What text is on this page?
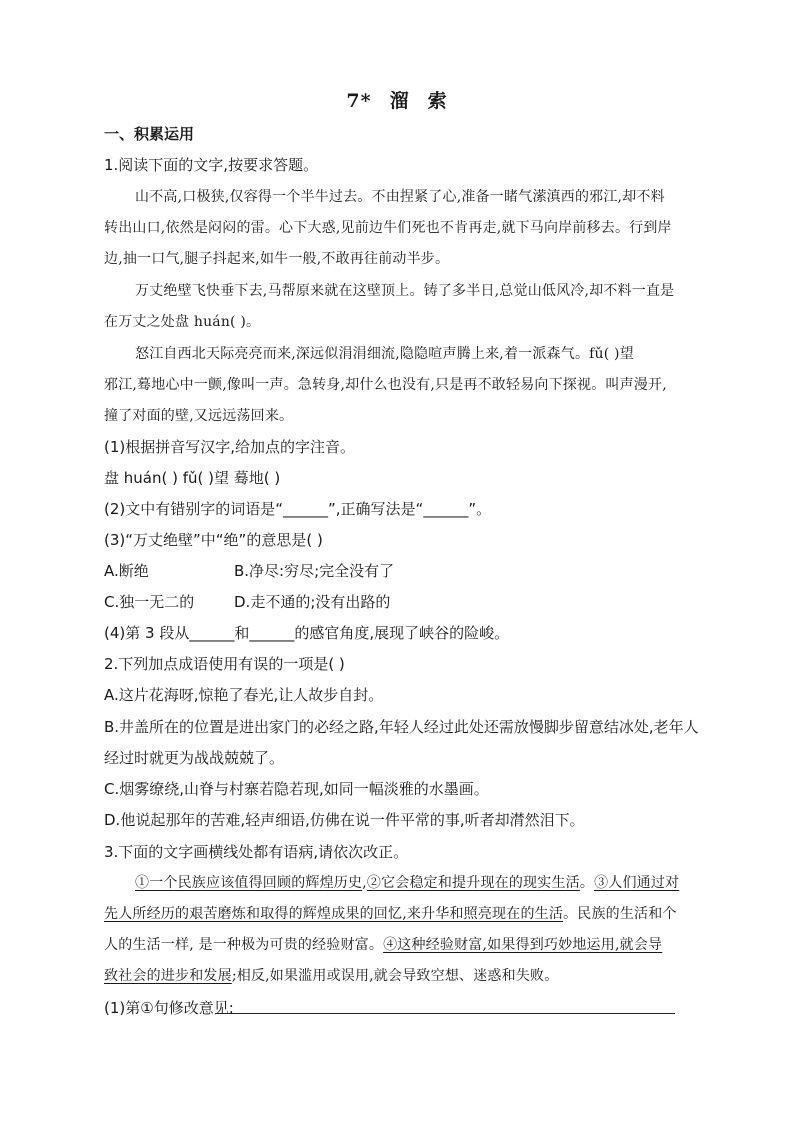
7* 溜 索
一、积累运用
1.阅读下面的文字,按要求答题。
山不高,口极狭,仅容得一个半牛过去。不由捏紧了心,准备一睹气潆滇西的邪江,却不料
转出山口,依然是闷闷的雷。心下大惑,见前边牛们死也不肯再走,就下马向岸前移去。行到岸
边,抽一口气,腿子抖起来,如牛一般,不敢再往前动半步。
万丈绝壁飞快垂下去,马帮原来就在这壁顶上。铸了多半日,总觉山低风冷,却不料一直是
在万丈之处盘 huán( )。
怒江自西北天际亮亮而来,深远似涓涓细流,隐隐喧声腾上来,着一派森气。fǔ( )望
邪江,蓦地心中一颤,像叫一声。急转身,却什么也没有,只是再不敢轻易向下探视。叫声漫开,
撞了对面的壁,又远远荡回来。
(1)根据拼音写汉字,给加点的字注音。
盘 huán( ) fǔ( )望 蓦地( )
(2)文中有错别字的词语是“______”,正确写法是“______”。
(3)“万丈绝壁”中“绝”的意思是( )
A.断绝	B.净尽:穷尽;完全没有了
C.独一无二的	D.走不通的;没有出路的
(4)第 3 段从______和______的感官角度,展现了峡谷的险峻。
2.下列加点成语使用有误的一项是( )
A.这片花海呀,惊艳了春光,让人故步自封。
B.井盖所在的位置是进出家门的必经之路,年轻人经过此处还需放慢脚步留意结冰处,老年人
经过时就更为战战兢兢了。
C.烟雾缭绕,山脊与村寨若隐若现,如同一幅淡雅的水墨画。
D.他说起那年的苦难,轻声细语,仿佛在说一件平常的事,听者却潸然泪下。
3.下面的文字画横线处都有语病,请依次改正。
①一个民族应该值得回顾的辉煌历史,②它会稳定和提升现在的现实生活。③人们通过对
先人所经历的艰苦磨炼和取得的辉煌成果的回忆,来升华和照亮现在的生活。民族的生活和个
人的生活一样, 是一种极为可贵的经验财富。④这种经验财富,如果得到巧妙地运用,就会导
致社会的进步和发展;相反,如果滥用或误用,就会导致空想、迷惑和失败。
(1)第①句修改意见:
